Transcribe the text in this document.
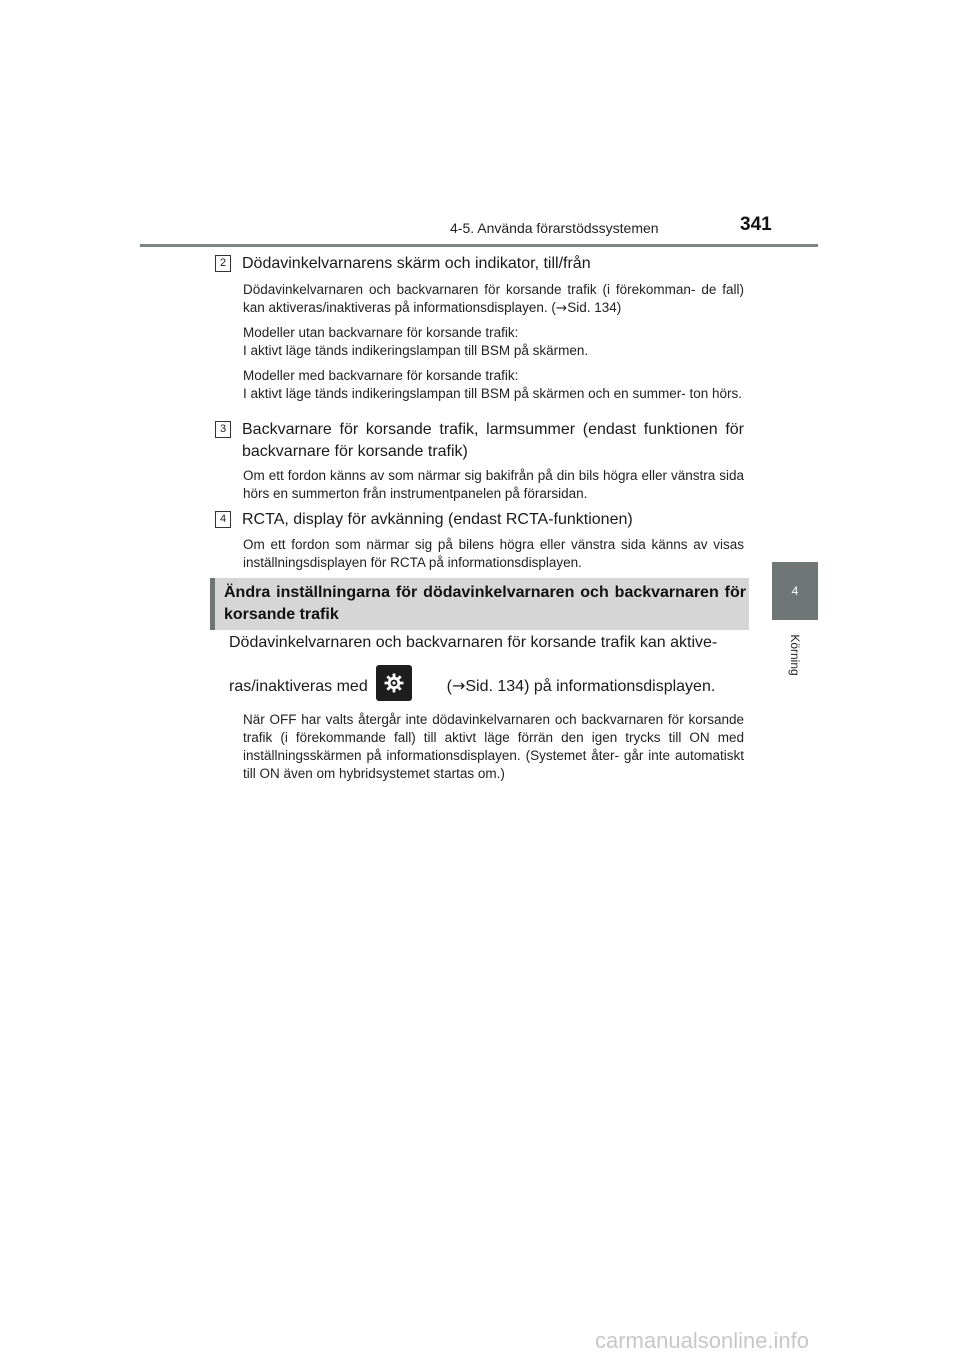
4-5. Använda förarstödssystemen	341
4
Körning
2 Dödavinkelvarnarens skärm och indikator, till/från

Dödavinkelvarnaren och backvarnaren för korsande trafik (i förekomman- de fall) kan aktiveras/inaktiveras på informationsdisplayen. (→Sid. 134)

Modeller utan backvarnare för korsande trafik:

I aktivt läge tänds indikeringslampan till BSM på skärmen.

Modeller med backvarnare för korsande trafik:

I aktivt läge tänds indikeringslampan till BSM på skärmen och en summer- ton hörs.

3 Backvarnare för korsande trafik, larmsummer (endast funktionen för backvarnare för korsande trafik)

Om ett fordon känns av som närmar sig bakifrån på din bils högra eller vänstra sida hörs en summerton från instrumentpanelen på förarsidan.

4 RCTA, display för avkänning (endast RCTA-funktionen)

Om ett fordon som närmar sig på bilens högra eller vänstra sida känns av visas inställningsdisplayen för RCTA på informationsdisplayen.

Ändra inställningarna för dödavinkelvarnaren och backvarnaren för korsande trafik
Dödavinkelvarnaren och backvarnaren för korsande trafik kan aktive-
ras/inaktiveras med	(→Sid. 134) på informationsdisplayen.
När OFF har valts återgår inte dödavinkelvarnaren och backvarnaren för korsande trafik (i förekommande fall) till aktivt läge förrän den igen trycks till ON med inställningsskärmen på informationsdisplayen. (Systemet åter- går inte automatiskt till ON även om hybridsystemet startas om.)
carmanualsonline.info
